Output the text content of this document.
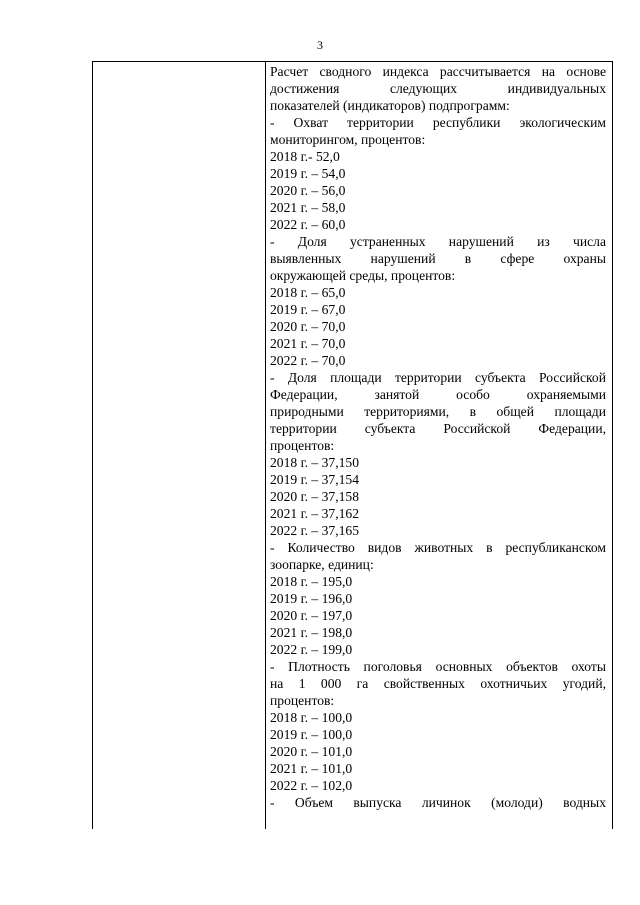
3
Расчет сводного индекса рассчитывается на основе
достижения следующих индивидуальных
показателей (индикаторов) подпрограмм:
- Охват территории республики экологическим
мониторингом, процентов:
2018 г.- 52,0
2019 г. – 54,0
2020 г. – 56,0
2021 г. – 58,0
2022 г. – 60,0
- Доля устраненных нарушений из числа
выявленных нарушений в сфере охраны
окружающей среды, процентов:
2018 г. – 65,0
2019 г. – 67,0
2020 г. – 70,0
2021 г. – 70,0
2022 г. – 70,0
- Доля площади территории субъекта Российской
Федерации, занятой особо охраняемыми
природными территориями, в общей площади
территории субъекта Российской Федерации,
процентов:
2018 г. – 37,150
2019 г. – 37,154
2020 г. – 37,158
2021 г. – 37,162
2022 г. – 37,165
- Количество видов животных в республиканском
зоопарке, единиц:
2018 г. – 195,0
2019 г. – 196,0
2020 г. – 197,0
2021 г. – 198,0
2022 г. – 199,0
- Плотность поголовья основных объектов охоты
на 1 000 га свойственных охотничьих угодий,
процентов:
2018 г. – 100,0
2019 г. – 100,0
2020 г. – 101,0
2021 г. – 101,0
2022 г. – 102,0
- Объем выпуска личинок (молоди) водных
